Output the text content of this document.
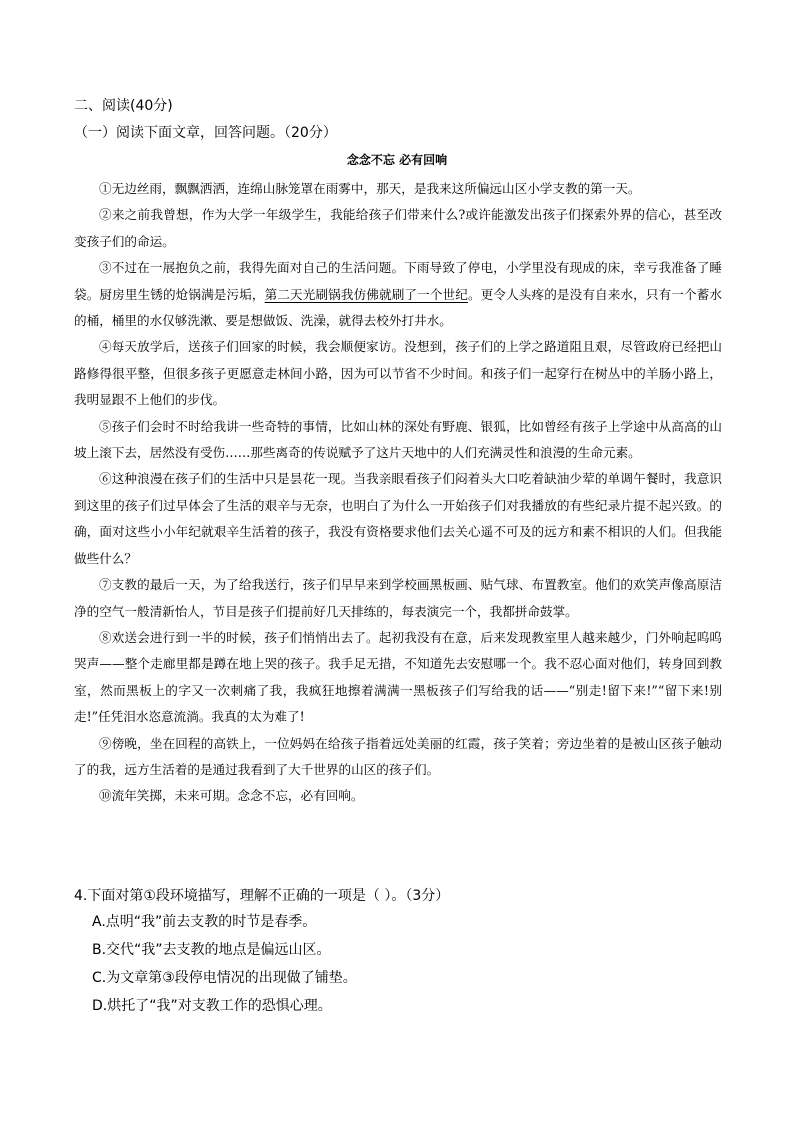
二、阅读(40分)
（一）阅读下面文章，回答问题。（20分）
念念不忘 必有回响

①无边丝雨，飘飘洒洒，连绵山脉笼罩在雨雾中，那天，是我来这所偏远山区小学支教的第一天。

②来之前我曾想，作为大学一年级学生，我能给孩子们带来什么?或许能激发出孩子们探索外界的信心，甚至改变孩子们的命运。

③不过在一展抱负之前，我得先面对自己的生活问题。下雨导致了停电，小学里没有现成的床，幸亏我准备了睡袋。厨房里生锈的炝锅满是污垢，第二天光刷锅我仿佛就刷了一个世纪。更令人头疼的是没有自来水，只有一个蓄水的桶，桶里的水仅够洗漱、要是想做饭、洗澡，就得去校外打井水。

④每天放学后，送孩子们回家的时候，我会顺便家访。没想到，孩子们的上学之路道阻且艰，尽管政府已经把山路修得很平整，但很多孩子更愿意走林间小路，因为可以节省不少时间。和孩子们一起穿行在树丛中的羊肠小路上，我明显跟不上他们的步伐。

⑤孩子们会时不时给我讲一些奇特的事情，比如山林的深处有野鹿、银狐，比如曾经有孩子上学途中从高高的山坡上滚下去，居然没有受伤……那些离奇的传说赋予了这片天地中的人们充满灵性和浪漫的生命元素。

⑥这种浪漫在孩子们的生活中只是昙花一现。当我亲眼看孩子们闷着头大口吃着缺油少荤的单调午餐时，我意识到这里的孩子们过早体会了生活的艰辛与无奈，也明白了为什么一开始孩子们对我播放的有些纪录片提不起兴致。的确，面对这些小小年纪就艰辛生活着的孩子，我没有资格要求他们去关心遥不可及的远方和素不相识的人们。但我能做些什么？

⑦支教的最后一天，为了给我送行，孩子们早早来到学校画黑板画、贴气球、布置教室。他们的欢笑声像高原洁净的空气一般清新怡人，节目是孩子们提前好几天排练的，每表演完一个，我都拼命鼓掌。

⑧欢送会进行到一半的时候，孩子们悄悄出去了。起初我没有在意，后来发现教室里人越来越少，门外响起呜呜哭声——整个走廊里都是蹲在地上哭的孩子。我手足无措，不知道先去安慰哪一个。我不忍心面对他们，转身回到教室，然而黑板上的字又一次刺痛了我，我疯狂地擦着满满一黑板孩子们写给我的话——“别走!留下来!”“留下来!别走!”任凭泪水恣意流淌。我真的太为难了!

⑨傍晚，坐在回程的高铁上，一位妈妈在给孩子指着远处美丽的红霞，孩子笑着；旁边坐着的是被山区孩子触动了的我，远方生活着的是通过我看到了大千世界的山区的孩子们。

⑩流年笑掷，未来可期。念念不忘，必有回响。

4.下面对第①段环境描写，理解不正确的一项是（ ）。（3分）
A.点明“我”前去支教的时节是春季。
B.交代“我”去支教的地点是偏远山区。
C.为文章第③段停电情况的出现做了铺垫。
D.烘托了“我”对支教工作的恐惧心理。
